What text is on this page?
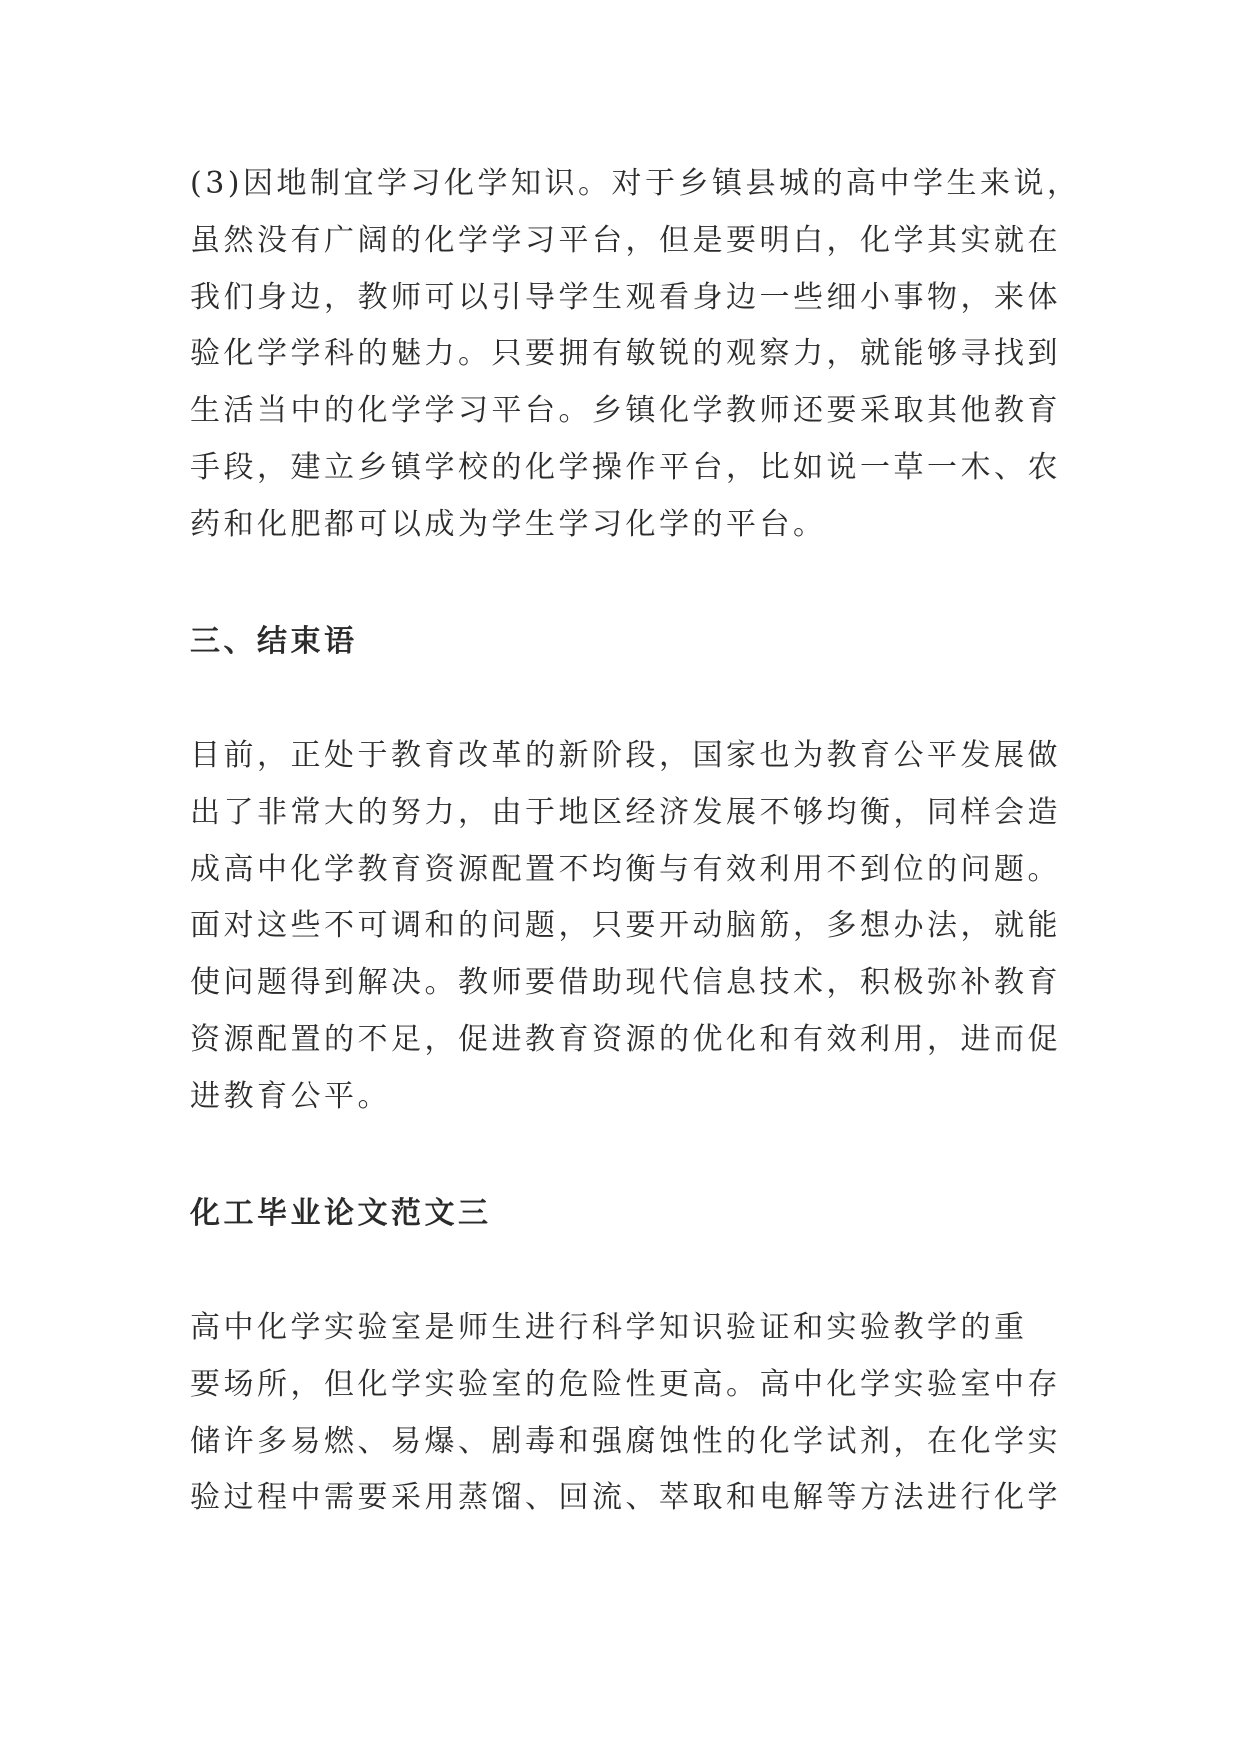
(3)因地制宜学习化学知识。对于乡镇县城的高中学生来说，
虽然没有广阔的化学学习平台，但是要明白，化学其实就在
我们身边，教师可以引导学生观看身边一些细小事物，来体
验化学学科的魅力。只要拥有敏锐的观察力，就能够寻找到
生活当中的化学学习平台。乡镇化学教师还要采取其他教育
手段，建立乡镇学校的化学操作平台，比如说一草一木、农
药和化肥都可以成为学生学习化学的平台。

三、结束语

目前，正处于教育改革的新阶段，国家也为教育公平发展做
出了非常大的努力，由于地区经济发展不够均衡，同样会造
成高中化学教育资源配置不均衡与有效利用不到位的问题。
面对这些不可调和的问题，只要开动脑筋，多想办法，就能
使问题得到解决。教师要借助现代信息技术，积极弥补教育
资源配置的不足，促进教育资源的优化和有效利用，进而促
进教育公平。

化工毕业论文范文三

高中化学实验室是师生进行科学知识验证和实验教学的重
要场所，但化学实验室的危险性更高。高中化学实验室中存
储许多易燃、易爆、剧毒和强腐蚀性的化学试剂，在化学实
验过程中需要采用蒸馏、回流、萃取和电解等方法进行化学
